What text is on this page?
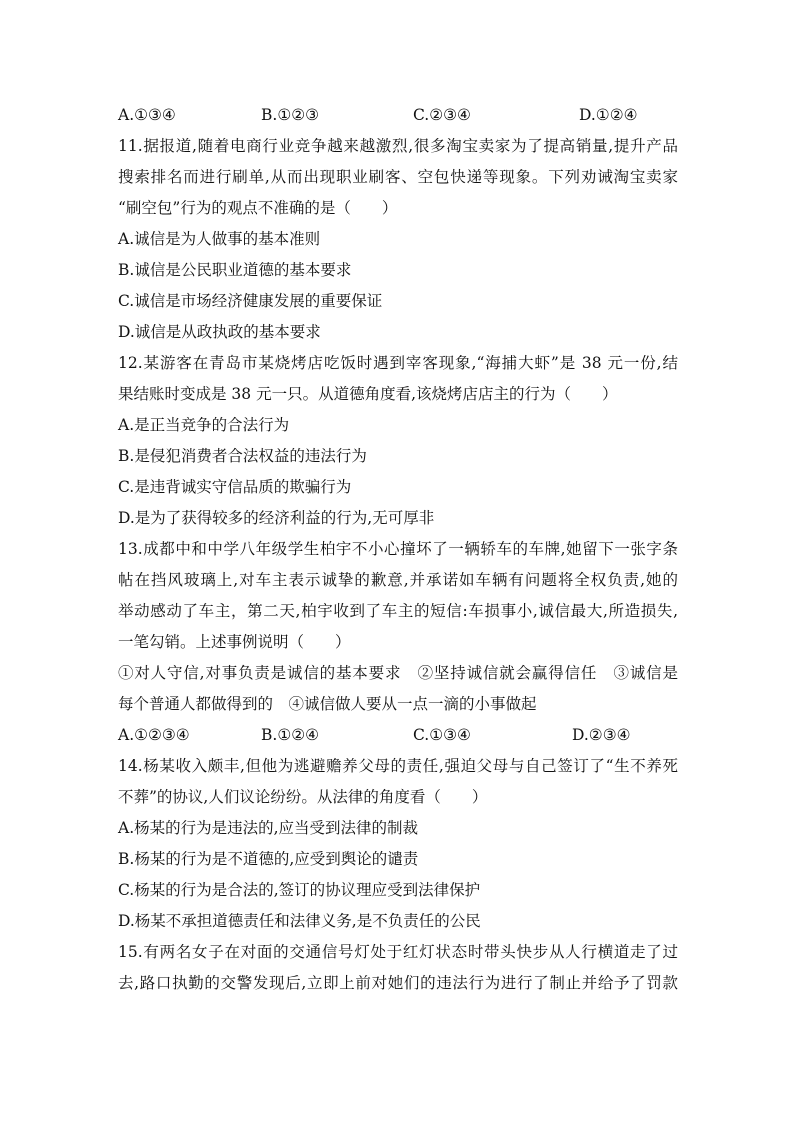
A.①③④	B.①②③	C.②③④	D.①②④
11.据报道,随着电商行业竞争越来越激烈,很多淘宝卖家为了提高销量,提升产品
搜索排名而进行刷单,从而出现职业刷客、空包快递等现象。下列劝诫淘宝卖家
“刷空包”行为的观点不准确的是（　　）
A.诚信是为人做事的基本准则
B.诚信是公民职业道德的基本要求
C.诚信是市场经济健康发展的重要保证
D.诚信是从政执政的基本要求
12.某游客在青岛市某烧烤店吃饭时遇到宰客现象,“海捕大虾”是 38 元一份,结
果结账时变成是 38 元一只。从道德角度看,该烧烤店店主的行为（　　）
A.是正当竞争的合法行为
B.是侵犯消费者合法权益的违法行为
C.是违背诚实守信品质的欺骗行为
D.是为了获得较多的经济利益的行为,无可厚非
13.成都中和中学八年级学生柏宇不小心撞坏了一辆轿车的车牌,她留下一张字条
帖在挡风玻璃上,对车主表示诚挚的歉意,并承诺如车辆有问题将全权负责,她的
举动感动了车主，第二天,柏宇收到了车主的短信:车损事小,诚信最大,所造损失,
一笔勾销。上述事例说明（　　）
①对人守信,对事负责是诚信的基本要求　②坚持诚信就会赢得信任　③诚信是
每个普通人都做得到的　④诚信做人要从一点一滴的小事做起
A.①②③④	B.①②④	C.①③④	D.②③④
14.杨某收入颇丰,但他为逃避赡养父母的责任,强迫父母与自己签订了“生不养死
不葬”的协议,人们议论纷纷。从法律的角度看（　　）
A.杨某的行为是违法的,应当受到法律的制裁
B.杨某的行为是不道德的,应受到舆论的谴责
C.杨某的行为是合法的,签订的协议理应受到法律保护
D.杨某不承担道德责任和法律义务,是不负责任的公民
15.有两名女子在对面的交通信号灯处于红灯状态时带头快步从人行横道走了过
去,路口执勤的交警发现后,立即上前对她们的违法行为进行了制止并给予了罚款
